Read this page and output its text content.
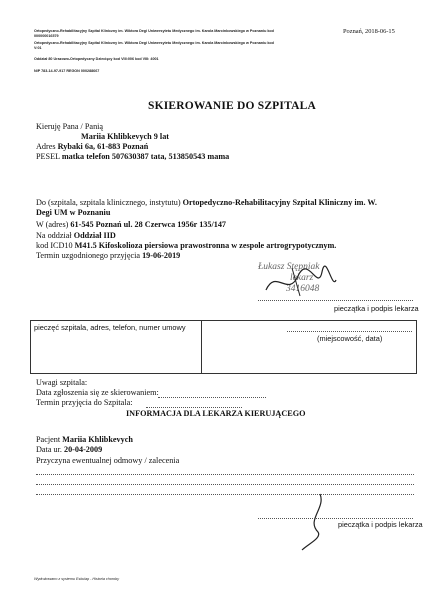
Ortopedyczno-Rehabilitacyjny Szpital Kliniczny im. Wiktora Degi Uniwersytetu Medycznego im. Karola Marcinkowskiego w Poznaniu kod
000000016579
Ortopedyczno-Rehabilitacyjny Szpital Kliniczny im. Wiktora Degi Uniwersytetu Medycznego im. Karola Marcinkowskiego w Poznaniu kod
V:01
Oddział 80 Urazowo-Ortopedyczny Dziecięcy kod VIII:006 kod VIII: 4001
NIP 783-14-97-917 REGON 000288667
Poznań, 2018-06-15
SKIEROWANIE DO SZPITALA
Kieruję Pana / Panią
Mariia Khlibkevych 9 lat
Adres Rybaki 6a, 61-883 Poznań
PESEL matka telefon 507630387 tata, 513850543 mama
Do (szpitala, szpitala klinicznego, instytutu) Ortopedyczno-Rehabilitacyjny Szpital Kliniczny im. W.
Degi UM w Poznaniu
W (adres) 61-545 Poznań ul. 28 Czerwca 1956r 135/147
Na oddział Oddział IID
kod ICD10 M41.5 Kifoskolioza piersiowa prawostronna w zespole artrogrypotycznym.
Termin uzgodnionego przyjęcia 19-06-2019
Łukasz Stępniak
lekarz
3416048
pieczątka i podpis lekarza
pieczęć szpitala, adres, telefon, numer umowy
(miejscowość, data)
Uwagi szpitala:
Data zgłoszenia się ze skierowaniem:
Termin przyjęcia do Szpitala:
INFORMACJA DLA LEKARZA KIERUJĄCEGO
Pacjent Mariia Khlibkevych
Data ur. 20-04-2009
Przyczyna ewentualnej odmowy / zalecenia
pieczątka i podpis lekarza
Wydrukowano z systemu Eskulap - Historia choroby
